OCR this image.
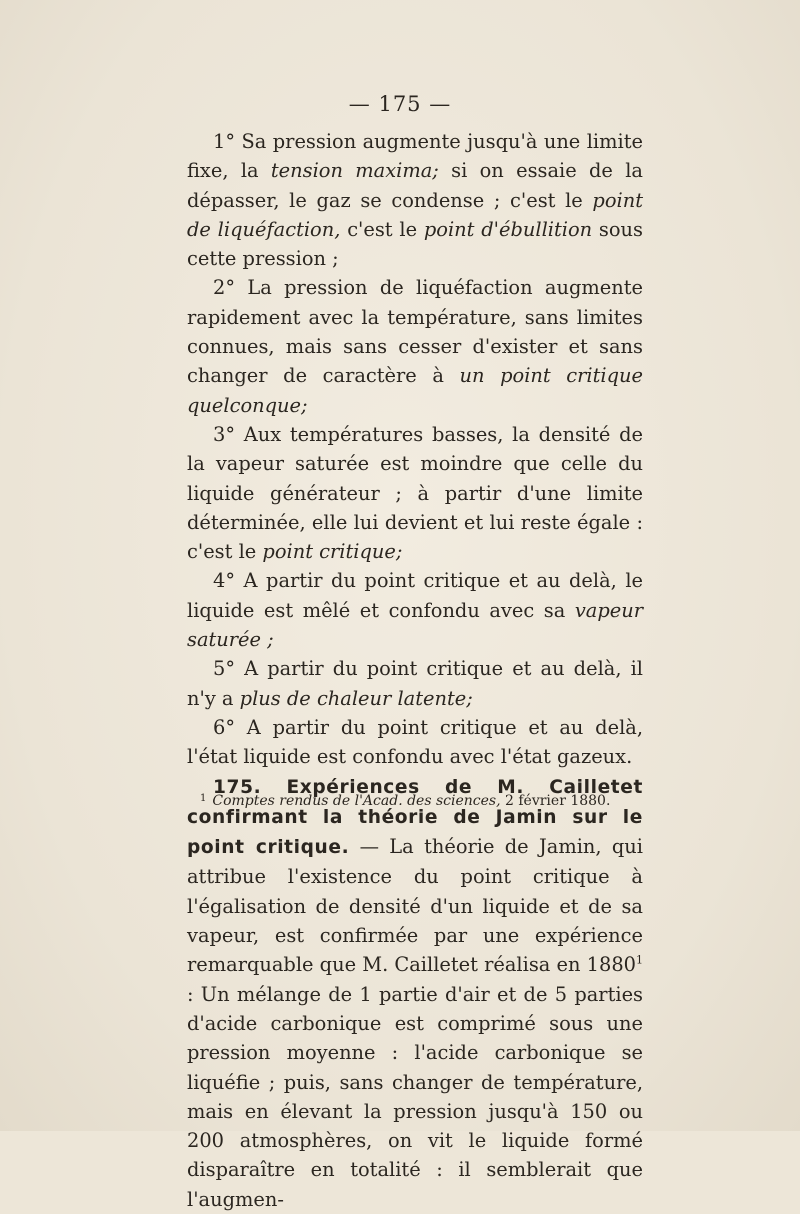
— 175 —

1° Sa pression augmente jusqu'à une limite fixe, la tension maxima; si on essaie de la dépasser, le gaz se condense ; c'est le point de liquéfaction, c'est le point d'ébullition sous cette pression ;

2° La pression de liquéfaction augmente rapidement avec la température, sans limites connues, mais sans cesser d'exister et sans changer de caractère à un point critique quelconque;

3° Aux températures basses, la densité de la vapeur saturée est moindre que celle du liquide générateur ; à partir d'une limite déterminée, elle lui devient et lui reste égale : c'est le point critique;

4° A partir du point critique et au delà, le liquide est mêlé et confondu avec sa vapeur saturée ;

5° A partir du point critique et au delà, il n'y a plus de chaleur latente;

6° A partir du point critique et au delà, l'état liquide est confondu avec l'état gazeux.

175. Expériences de M. Cailletet confirmant la théorie de Jamin sur le point critique. — La théorie de Jamin, qui attribue l'existence du point critique à l'égalisation de densité d'un liquide et de sa vapeur, est confirmée par une expérience remarquable que M. Cailletet réalisa en 1880$^1$ : Un mélange de 1 partie d'air et de 5 parties d'acide carbonique est comprimé sous une pression moyenne : l'acide carbonique se liquéfie ; puis, sans changer de température, mais en élevant la pression jusqu'à 150 ou 200 atmosphères, on vit le liquide formé disparaître en totalité : il semblerait que l'augmen-

$^1$ Comptes rendus de l'Acad. des sciences, 2 février 1880.
